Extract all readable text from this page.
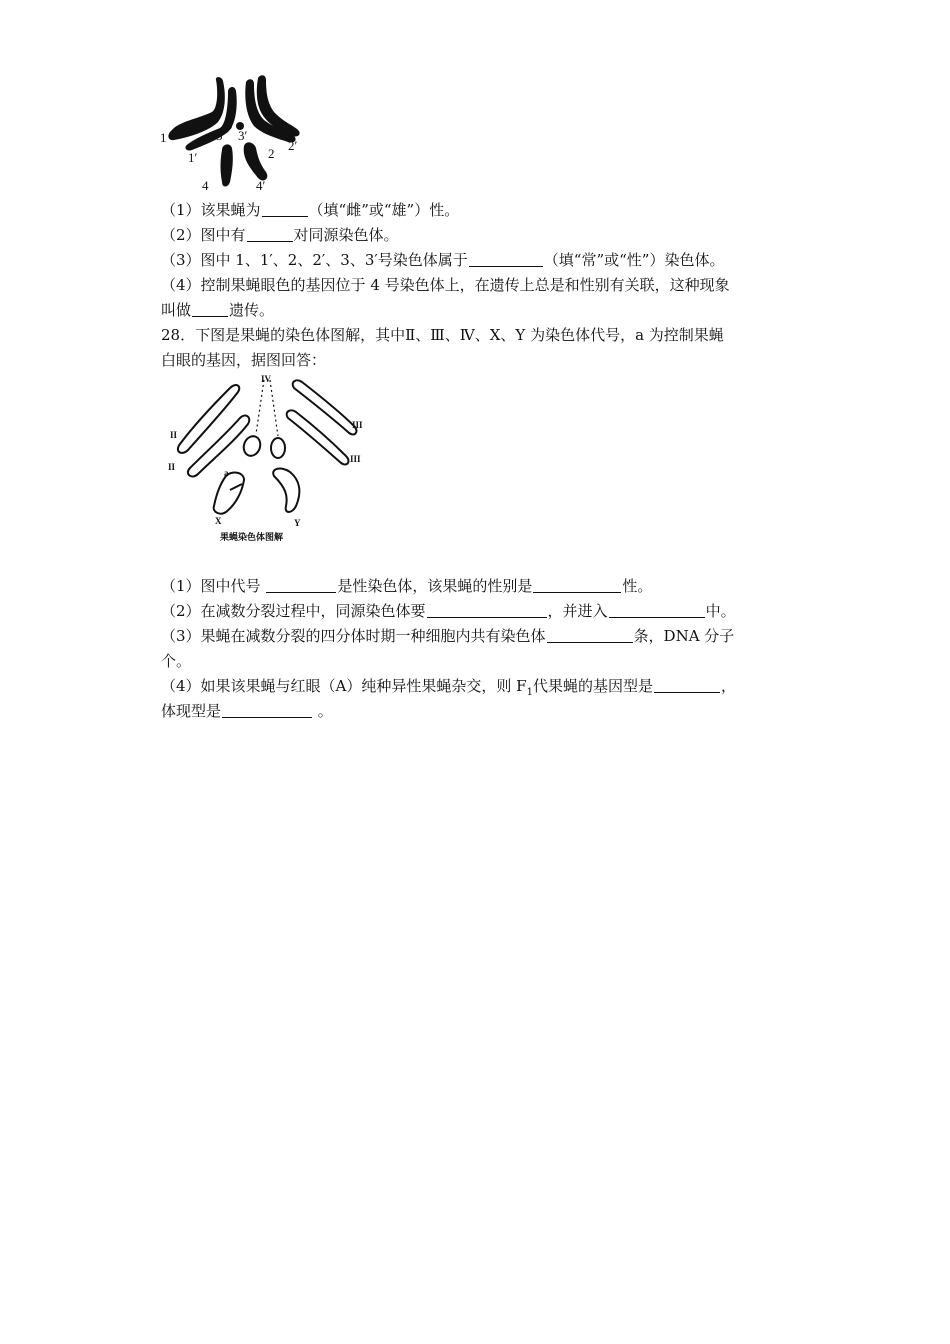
1
1′
3 3′
2
2′
4	4′
（1）该果蝇为	（填“雌”或“雄”）性。
（2）图中有	对同源染色体。
（3）图中 1、1′、2、2′、3、3′号染色体属于	（填“常”或“性”）染色体。
（4）控制果蝇眼色的基因位于 4 号染色体上，在遗传上总是和性别有关联，这种现象
叫做	遗传。
28．下图是果蝇的染色体图解，其中Ⅱ、Ⅲ、Ⅳ、X、Y 为染色体代号，a 为控制果蝇
白眼的基因，据图回答：
IV
II
II
III
III
a
X	Y
果蝇染色体图解
（1）图中代号	是性染色体，该果蝇的性别是	性。
（2）在减数分裂过程中，同源染色体要	，并进入	中。
（3）果蝇在减数分裂的四分体时期一种细胞内共有染色体	条，DNA 分子
个。
（4）如果该果蝇与红眼（A）纯种异性果蝇杂交，则 $F_1$代果蝇的基因型是	，
体现型是	。
